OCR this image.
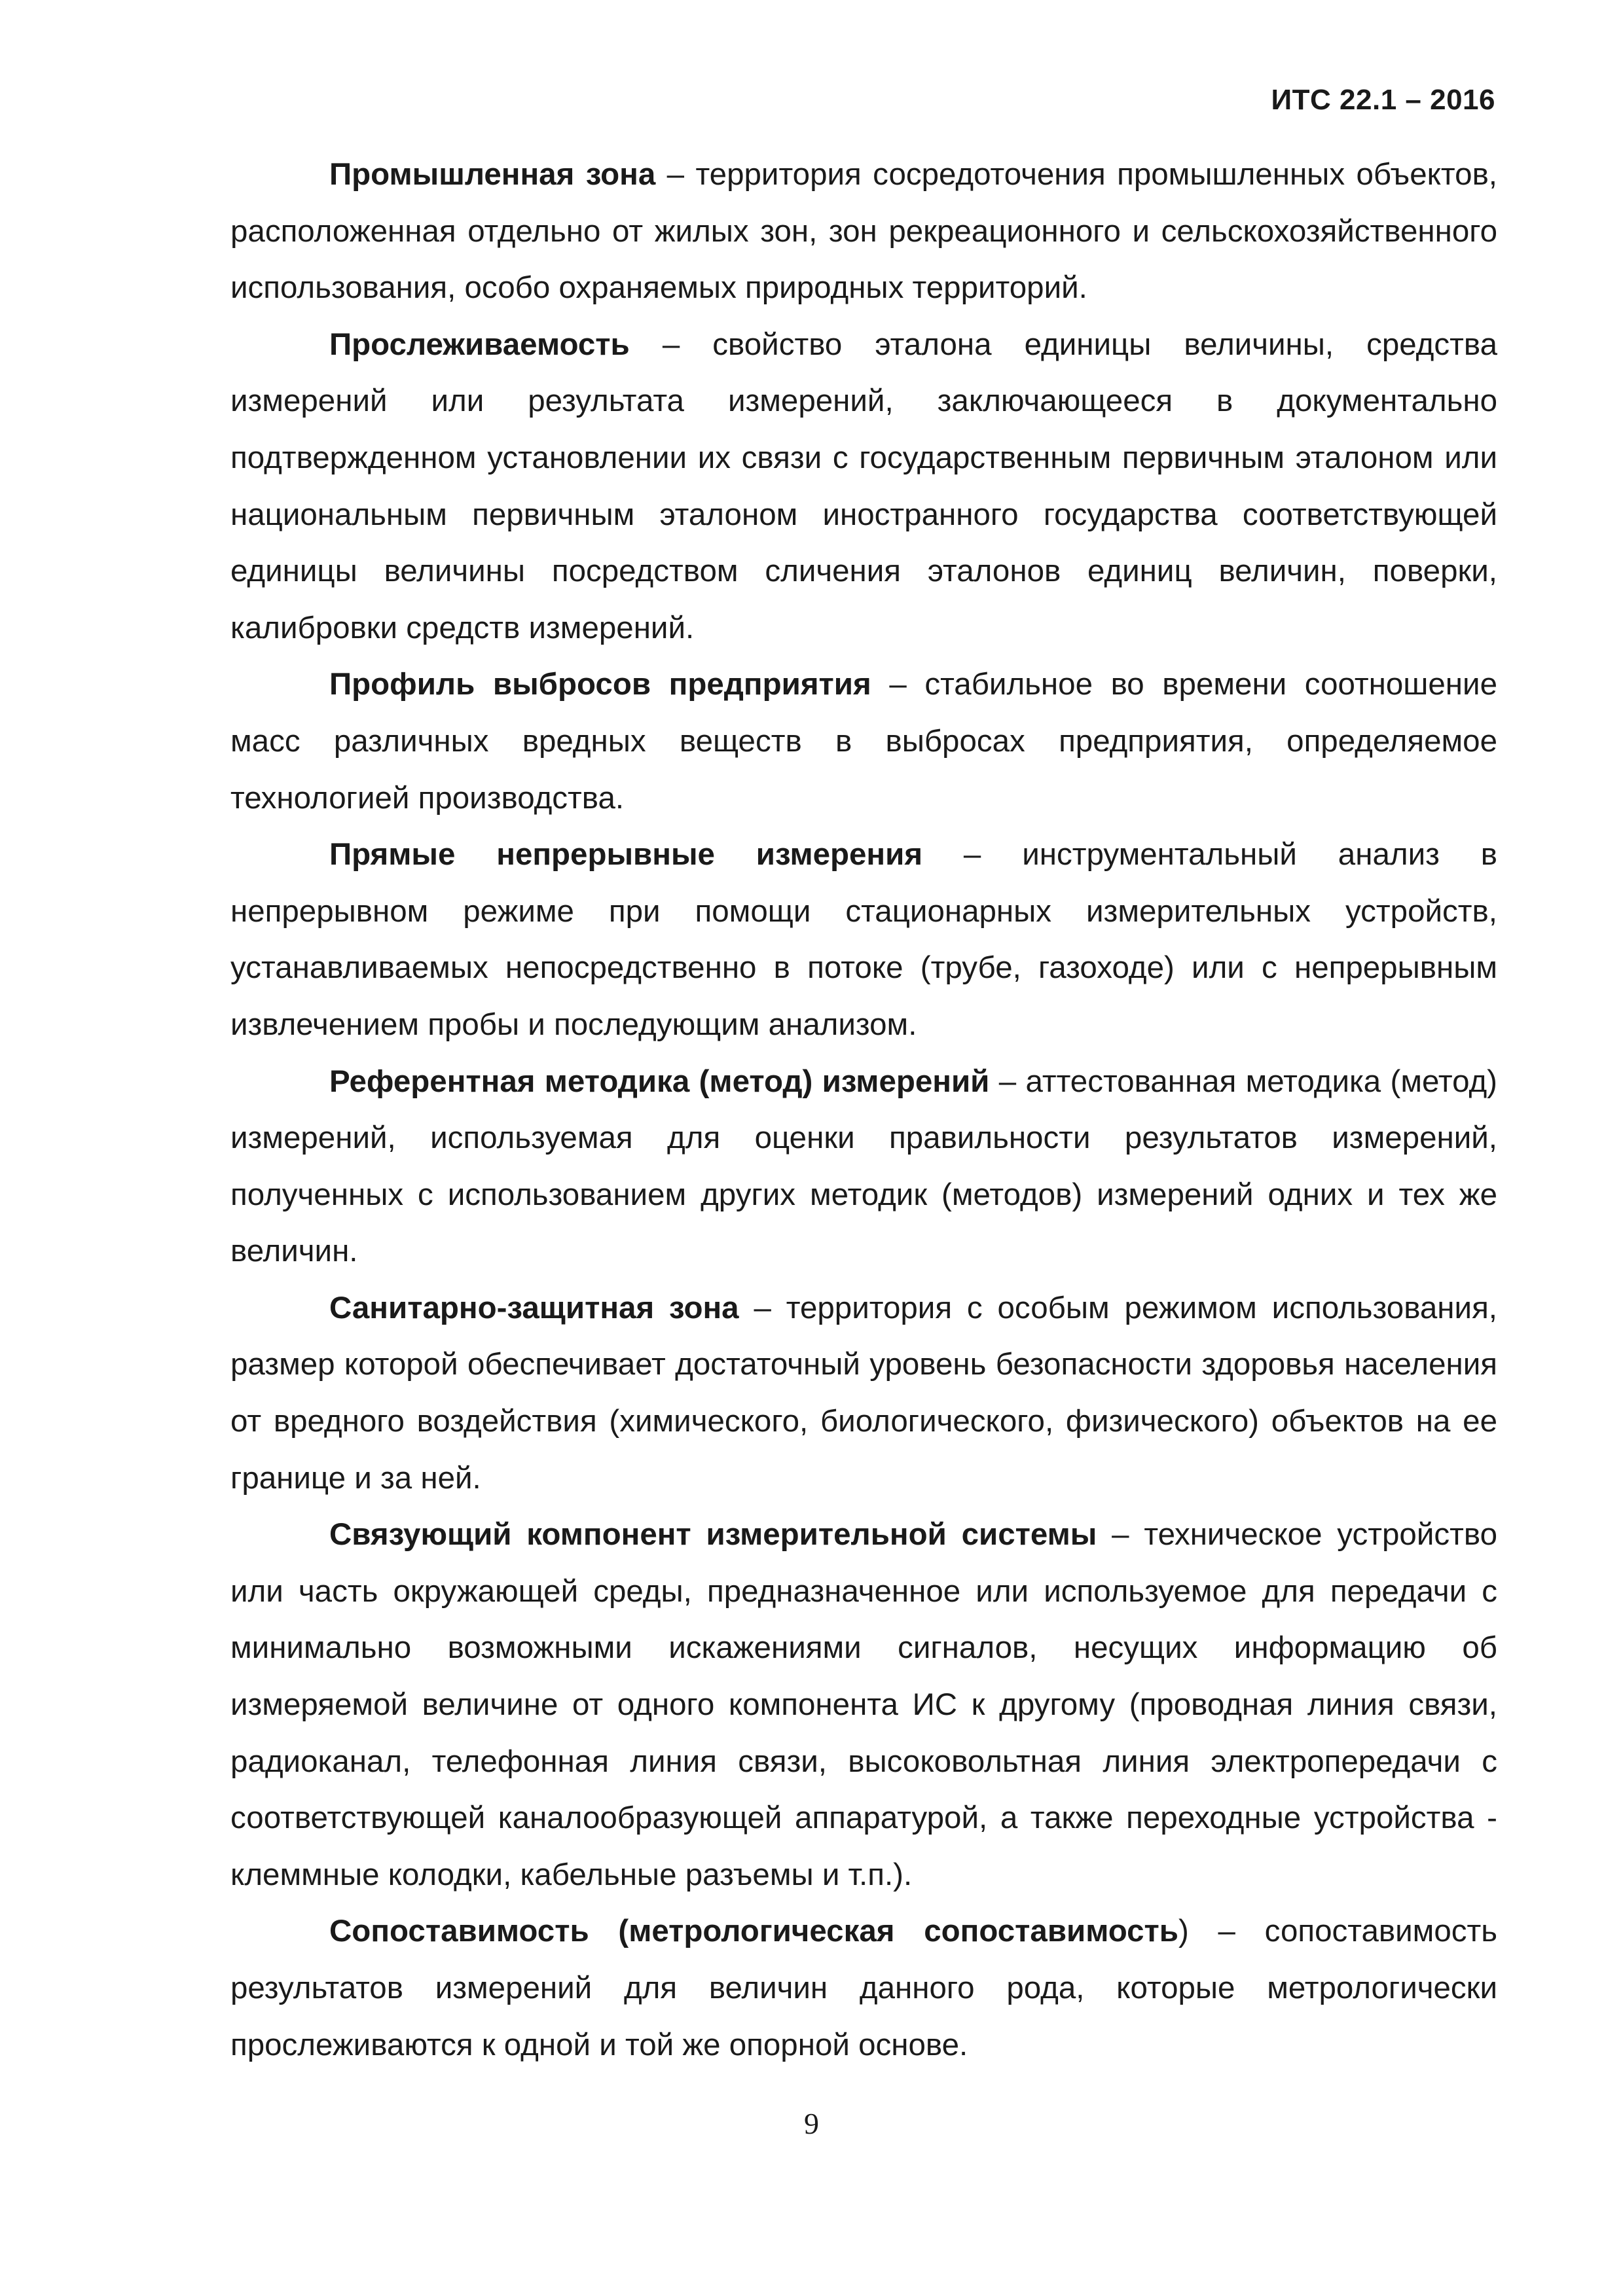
ИТС 22.1 – 2016

Промышленная зона – территория сосредоточения промышленных объектов, расположенная отдельно от жилых зон, зон рекреационного и сельскохозяйственного использования, особо охраняемых природных территорий.

Прослеживаемость – свойство эталона единицы величины, средства измерений или результата измерений, заключающееся в документально подтвержденном установлении их связи с государственным первичным эталоном или национальным первичным эталоном иностранного государства соответствующей единицы величины посредством сличения эталонов единиц величин, поверки, калибровки средств измерений.

Профиль выбросов предприятия – стабильное во времени соотношение масс различных вредных веществ в выбросах предприятия, определяемое технологией производства.

Прямые непрерывные измерения – инструментальный анализ в непрерывном режиме при помощи стационарных измерительных устройств, устанавливаемых непосредственно в потоке (трубе, газоходе) или с непрерывным извлечением пробы и последующим анализом.

Референтная методика (метод) измерений – аттестованная методика (метод) измерений, используемая для оценки правильности результатов измерений, полученных с использованием других методик (методов) измерений одних и тех же величин.

Санитарно-защитная зона – территория с особым режимом использования, размер которой обеспечивает достаточный уровень безопасности здоровья населения от вредного воздействия (химического, биологического, физического) объектов на ее границе и за ней.

Связующий компонент измерительной системы – техническое устройство или часть окружающей среды, предназначенное или используемое для передачи с минимально возможными искажениями сигналов, несущих информацию об измеряемой величине от одного компонента ИС к другому (проводная линия связи, радиоканал, телефонная линия связи, высоковольтная линия электропередачи с соответствующей каналообразующей аппаратурой, а также переходные устройства - клеммные колодки, кабельные разъемы и т.п.).

Сопоставимость (метрологическая сопоставимость) – сопоставимость результатов измерений для величин данного рода, которые метрологически прослеживаются к одной и той же опорной основе.

9
